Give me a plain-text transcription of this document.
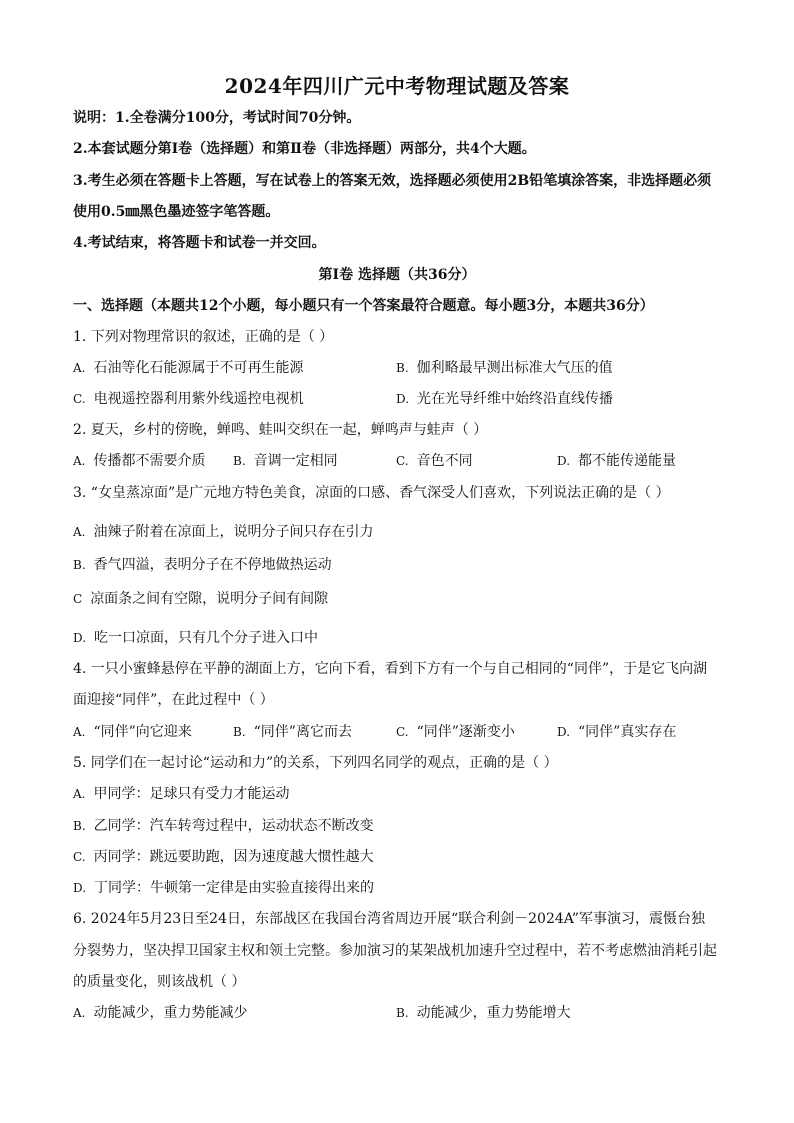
2024年四川广元中考物理试题及答案
说明：1.全卷满分100分，考试时间70分钟。
2.本套试题分第Ⅰ卷（选择题）和第Ⅱ卷（非选择题）两部分，共4个大题。
3.考生必须在答题卡上答题，写在试卷上的答案无效，选择题必须使用2B铅笔填涂答案，非选择题必须
使用0.5㎜黑色墨迹签字笔答题。
4.考试结束，将答题卡和试卷一并交回。
第Ⅰ卷 选择题（共36分）
一、选择题（本题共12个小题，每小题只有一个答案最符合题意。每小题3分，本题共36分）
1. 下列对物理常识的叙述，正确的是（ ）
A. 石油等化石能源属于不可再生能源	B. 伽利略最早测出标准大气压的值
C. 电视遥控器利用紫外线遥控电视机	D. 光在光导纤维中始终沿直线传播
2. 夏天，乡村的傍晚，蝉鸣、蛙叫交织在一起，蝉鸣声与蛙声（ ）
A. 传播都不需要介质 B. 音调一定相同	C. 音色不同	D. 都不能传递能量
3. “女皇蒸凉面”是广元地方特色美食，凉面的口感、香气深受人们喜欢，下列说法正确的是（ ）
A. 油辣子附着在凉面上，说明分子间只存在引力
B. 香气四溢，表明分子在不停地做热运动
C 凉面条之间有空隙，说明分子间有间隙
D. 吃一口凉面，只有几个分子进入口中
4. 一只小蜜蜂悬停在平静的湖面上方，它向下看，看到下方有一个与自己相同的“同伴”，于是它飞向湖
面迎接“同伴”，在此过程中（ ）
A. “同伴”向它迎来	B. “同伴”离它而去	C. “同伴”逐渐变小	D. “同伴”真实存在
5. 同学们在一起讨论“运动和力”的关系，下列四名同学的观点，正确的是（ ）
A. 甲同学：足球只有受力才能运动
B. 乙同学：汽车转弯过程中，运动状态不断改变
C. 丙同学：跳远要助跑，因为速度越大惯性越大
D. 丁同学：牛顿第一定律是由实验直接得出来的
6. 2024年5月23日至24日，东部战区在我国台湾省周边开展“联合利剑－2024A”军事演习，震慑台独
分裂势力，坚决捍卫国家主权和领土完整。参加演习的某架战机加速升空过程中，若不考虑燃油消耗引起
的质量变化，则该战机（ ）
A. 动能减少，重力势能减少	B. 动能减少，重力势能增大
